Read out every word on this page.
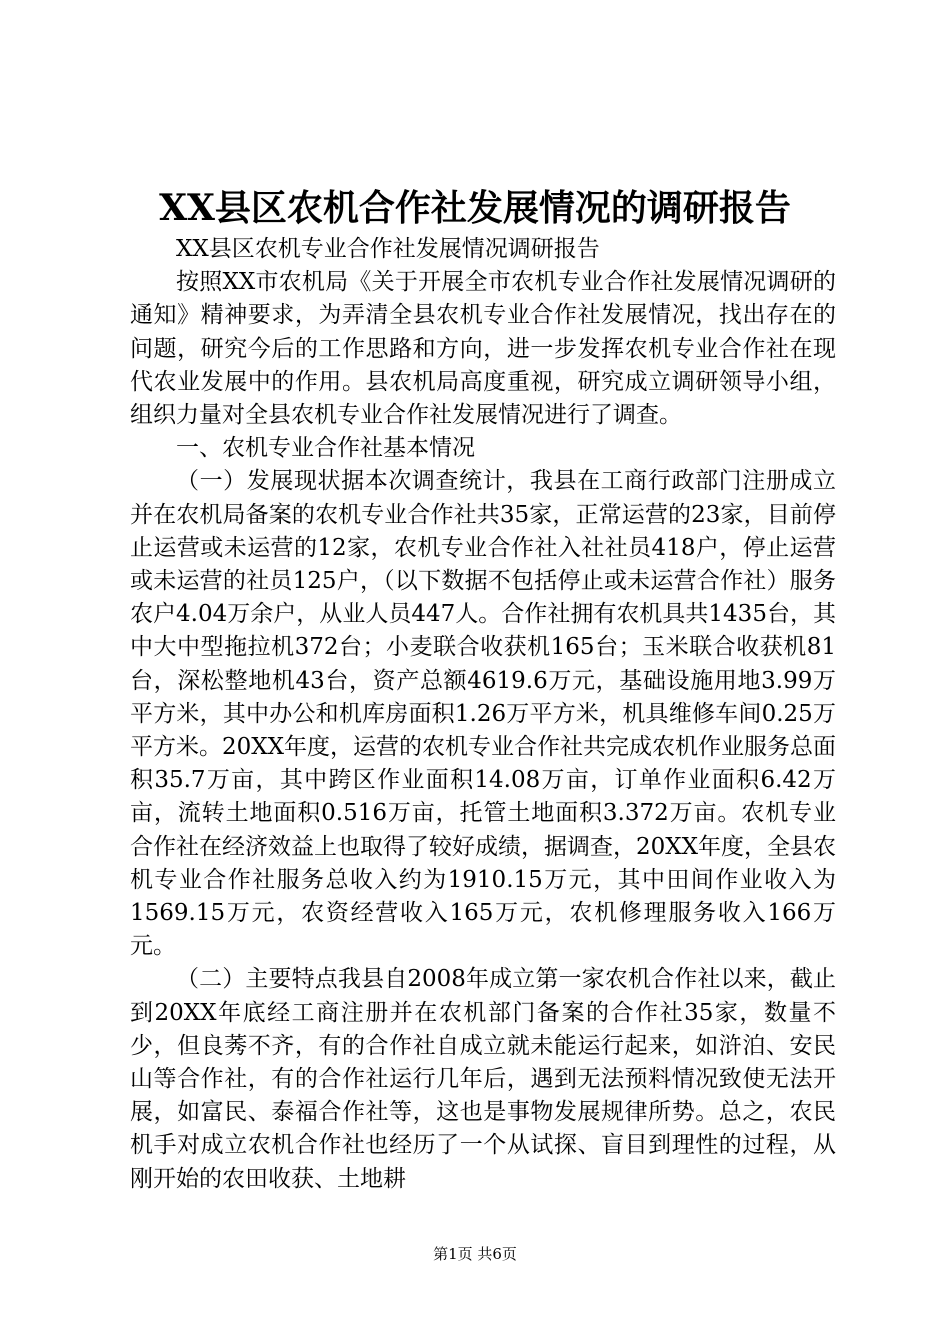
XX县区农机合作社发展情况的调研报告

XX县区农机专业合作社发展情况调研报告

按照XX市农机局《关于开展全市农机专业合作社发展情况调研的通知》精神要求，为弄清全县农机专业合作社发展情况，找出存在的问题，研究今后的工作思路和方向，进一步发挥农机专业合作社在现代农业发展中的作用。县农机局高度重视，研究成立调研领导小组，组织力量对全县农机专业合作社发展情况进行了调查。

一、农机专业合作社基本情况

（一）发展现状据本次调查统计，我县在工商行政部门注册成立并在农机局备案的农机专业合作社共35家，正常运营的23家，目前停止运营或未运营的12家，农机专业合作社入社社员418户，停止运营或未运营的社员125户，（以下数据不包括停止或未运营合作社）服务农户4.04万余户，从业人员447人。合作社拥有农机具共1435台，其中大中型拖拉机372台；小麦联合收获机165台；玉米联合收获机81台，深松整地机43台，资产总额4619.6万元，基础设施用地3.99万平方米，其中办公和机库房面积1.26万平方米，机具维修车间0.25万平方米。20XX年度，运营的农机专业合作社共完成农机作业服务总面积35.7万亩，其中跨区作业面积14.08万亩，订单作业面积6.42万亩，流转土地面积0.516万亩，托管土地面积3.372万亩。农机专业合作社在经济效益上也取得了较好成绩，据调查，20XX年度，全县农机专业合作社服务总收入约为1910.15万元，其中田间作业收入为1569.15万元，农资经营收入165万元，农机修理服务收入166万元。

（二）主要特点我县自2008年成立第一家农机合作社以来，截止到20XX年底经工商注册并在农机部门备案的合作社35家，数量不少，但良莠不齐，有的合作社自成立就未能运行起来，如浒泊、安民山等合作社，有的合作社运行几年后，遇到无法预料情况致使无法开展，如富民、泰福合作社等，这也是事物发展规律所势。总之，农民机手对成立农机合作社也经历了一个从试探、盲目到理性的过程，从刚开始的农田收获、土地耕

第1页 共6页
